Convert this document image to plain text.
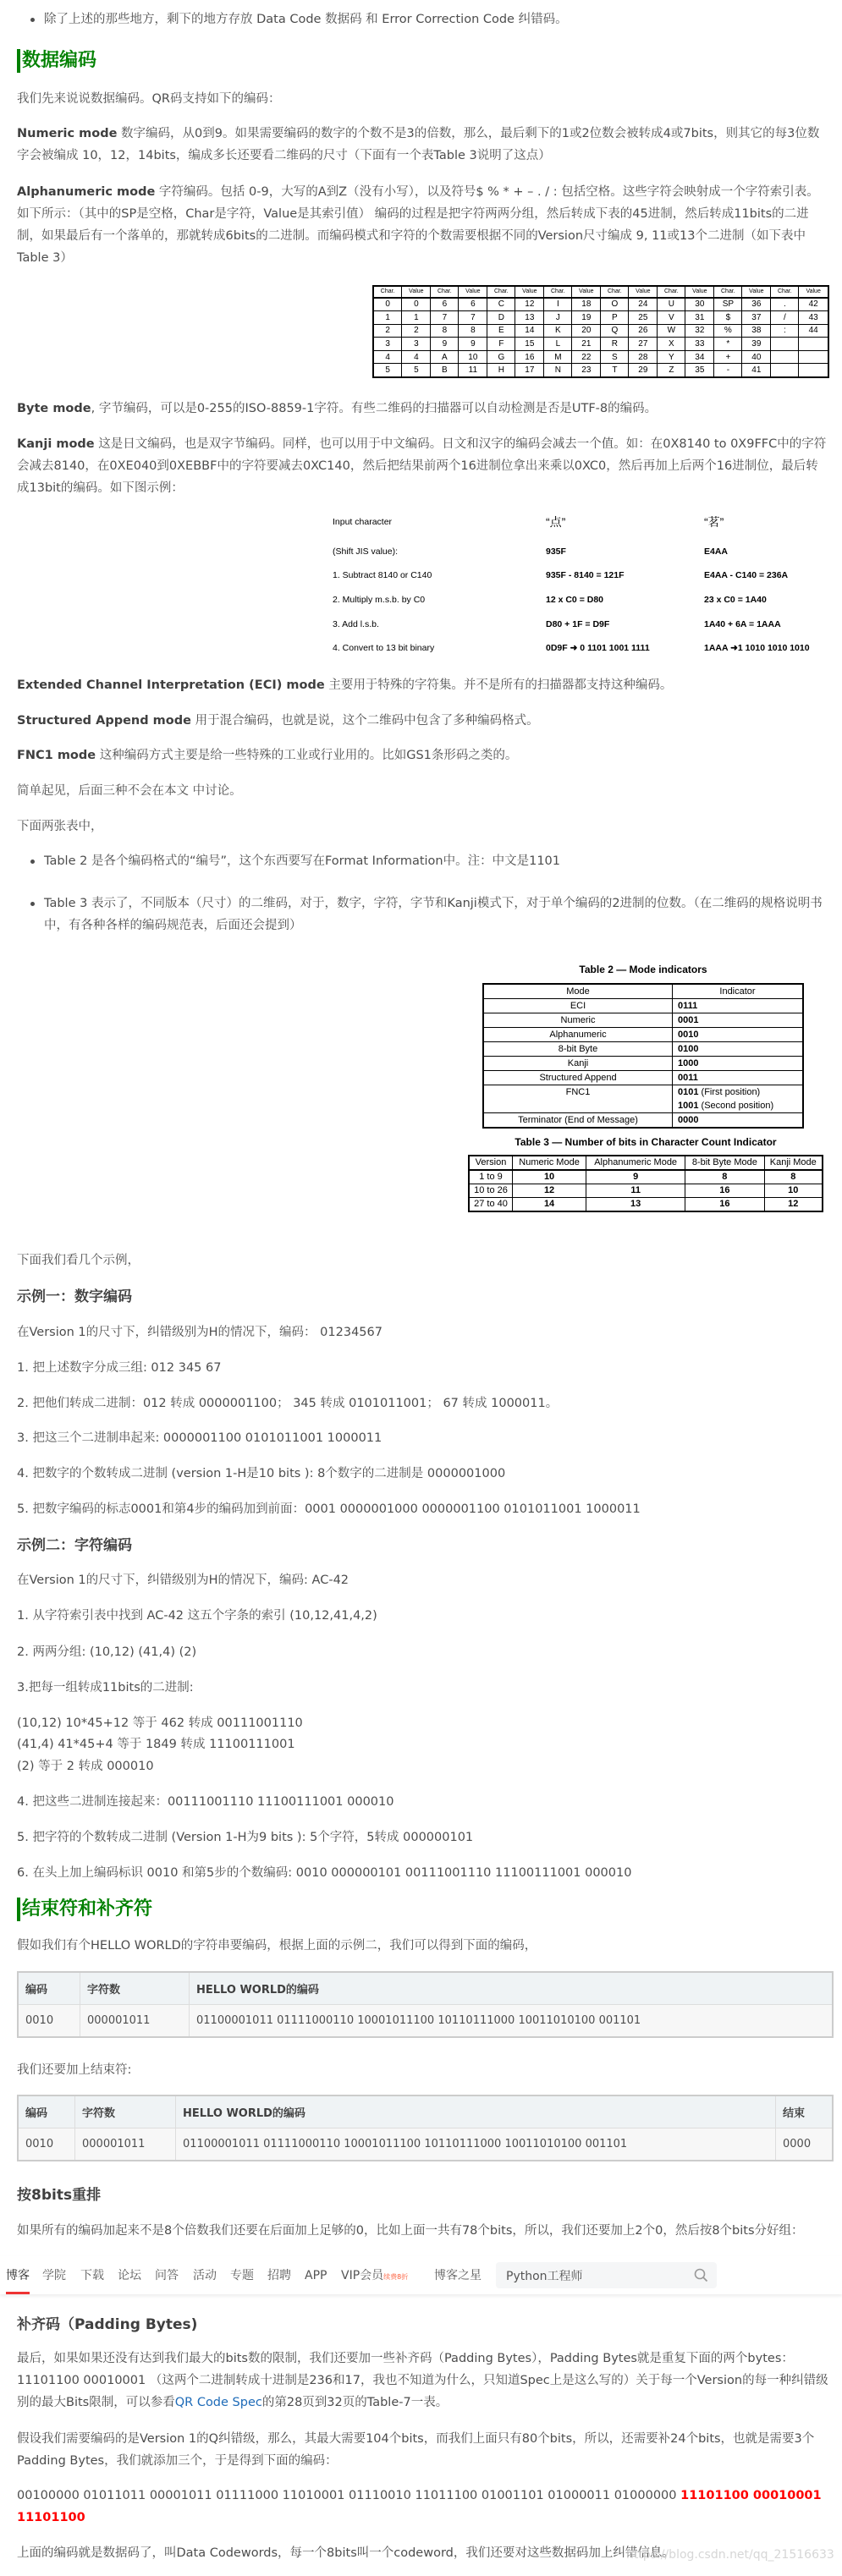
除了上述的那些地方，剩下的地方存放 Data Code 数据码 和 Error Correction Code 纠错码。
数据编码
我们先来说说数据编码。QR码支持如下的编码：
Numeric mode 数字编码，从0到9。如果需要编码的数字的个数不是3的倍数，那么，最后剩下的1或2位数会被转成4或7bits，则其它的每3位数字会被编成 10，12，14bits，编成多长还要看二维码的尺寸（下面有一个表Table 3说明了这点）
Alphanumeric mode 字符编码。包括 0-9，大写的A到Z（没有小写），以及符号$ % * + – . / : 包括空格。这些字符会映射成一个字符索引表。如下所示：（其中的SP是空格，Char是字符，Value是其索引值） 编码的过程是把字符两两分组，然后转成下表的45进制，然后转成11bits的二进制，如果最后有一个落单的，那就转成6bits的二进制。而编码模式和字符的个数需要根据不同的Version尺寸编成 9, 11或13个二进制（如下表中Table 3）
Char.	Value	Char.	Value	Char.	Value	Char.	Value	Char.	Value	Char.	Value	Char.	Value	Char.	Value
0	0	6	6	C	12	I	18	O	24	U	30	SP	36	.	42
1	1	7	7	D	13	J	19	P	25	V	31	$	37	/	43
2	2	8	8	E	14	K	20	Q	26	W	32	%	38	:	44
3	3	9	9	F	15	L	21	R	27	X	33	*	39		
4	4	A	10	G	16	M	22	S	28	Y	34	+	40		
5	5	B	11	H	17	N	23	T	29	Z	35	-	41		
Byte mode, 字节编码，可以是0-255的ISO-8859-1字符。有些二维码的扫描器可以自动检测是否是UTF-8的编码。
Kanji mode 这是日文编码，也是双字节编码。同样，也可以用于中文编码。日文和汉字的编码会减去一个值。如：在0X8140 to 0X9FFC中的字符会减去8140，在0XE040到0XEBBF中的字符要减去0XC140，然后把结果前两个16进制位拿出来乘以0XC0，然后再加上后两个16进制位，最后转成13bit的编码。如下图示例：
Input character	“点”	“茗”
(Shift JIS value):	935F	E4AA
1. Subtract 8140 or C140	935F - 8140 = 121F	E4AA - C140 = 236A
2. Multiply m.s.b. by C0	12 x C0 = D80	23 x C0 = 1A40
3. Add l.s.b.	D80 + 1F = D9F	1A40 + 6A = 1AAA
4. Convert to 13 bit binary	0D9F ➜ 0 1101 1001 1111	1AAA ➜1 1010 1010 1010
Extended Channel Interpretation (ECI) mode 主要用于特殊的字符集。并不是所有的扫描器都支持这种编码。
Structured Append mode 用于混合编码，也就是说，这个二维码中包含了多种编码格式。
FNC1 mode 这种编码方式主要是给一些特殊的工业或行业用的。比如GS1条形码之类的。
简单起见，后面三种不会在本文 中讨论。
下面两张表中，
Table 2 是各个编码格式的“编号”，这个东西要写在Format Information中。注：中文是1101
Table 3 表示了，不同版本（尺寸）的二维码，对于，数字，字符，字节和Kanji模式下，对于单个编码的2进制的位数。（在二维码的规格说明书中，有各种各样的编码规范表，后面还会提到）
Table 2 — Mode indicators
Mode	Indicator
ECI	0111
Numeric	0001
Alphanumeric	0010
8-bit Byte	0100
Kanji	1000
Structured Append	0011
FNC1	0101 (First position)
1001 (Second position)
Terminator (End of Message)	0000
Table 3 — Number of bits in Character Count Indicator
Version	Numeric Mode	Alphanumeric Mode	8-bit Byte Mode	Kanji Mode
1 to 9	10	9	8	8
10 to 26	12	11	16	10
27 to 40	14	13	16	12
下面我们看几个示例，
示例一：数字编码
在Version 1的尺寸下，纠错级别为H的情况下，编码： 01234567
1. 把上述数字分成三组: 012 345 67
2. 把他们转成二进制：012 转成 0000001100； 345 转成 0101011001； 67 转成 1000011。
3. 把这三个二进制串起来: 0000001100 0101011001 1000011
4. 把数字的个数转成二进制 (version 1-H是10 bits ): 8个数字的二进制是 0000001000
5. 把数字编码的标志0001和第4步的编码加到前面：0001 0000001000 0000001100 0101011001 1000011
示例二：字符编码
在Version 1的尺寸下，纠错级别为H的情况下，编码: AC-42
1. 从字符索引表中找到 AC-42 这五个字条的索引 (10,12,41,4,2)
2. 两两分组: (10,12) (41,4) (2)
3.把每一组转成11bits的二进制:
(10,12) 10*45+12 等于 462 转成 00111001110
(41,4) 41*45+4 等于 1849 转成 11100111001
(2) 等于 2 转成 000010
4. 把这些二进制连接起来：00111001110 11100111001 000010
5. 把字符的个数转成二进制 (Version 1-H为9 bits ): 5个字符，5转成 000000101
6. 在头上加上编码标识 0010 和第5步的个数编码: 0010 000000101 00111001110 11100111001 000010
结束符和补齐符
假如我们有个HELLO WORLD的字符串要编码，根据上面的示例二，我们可以得到下面的编码，
编码	字符数	HELLO WORLD的编码
0010	000001011	01100001011 01111000110 10001011100 10110111000 10011010100 001101
我们还要加上结束符:
编码	字符数	HELLO WORLD的编码	结束
0010	000001011	01100001011 01111000110 10001011100 10110111000 10011010100 001101	0000
按8bits重排
如果所有的编码加起来不是8个倍数我们还要在后面加上足够的0，比如上面一共有78个bits，所以，我们还要加上2个0，然后按8个bits分好组：
博客 学院 下载 论坛 问答 活动 专题 招聘 APP VIP会员续费8折 博客之星 Python工程师
补齐码（Padding Bytes)
最后，如果如果还没有达到我们最大的bits数的限制，我们还要加一些补齐码（Padding Bytes），Padding Bytes就是重复下面的两个bytes：11101100 00010001 （这两个二进制转成十进制是236和17，我也不知道为什么，只知道Spec上是这么写的）关于每一个Version的每一种纠错级别的最大Bits限制，可以参看QR Code Spec的第28页到32页的Table-7一表。
假设我们需要编码的是Version 1的Q纠错级，那么，其最大需要104个bits，而我们上面只有80个bits，所以，还需要补24个bits，也就是需要3个Padding Bytes，我们就添加三个，于是得到下面的编码：
00100000 01011011 00001011 01111000 11010001 01110010 11011100 01001101 01000011 01000000 11101100 00010001 11101100
上面的编码就是数据码了，叫Data Codewords，每一个8bits叫一个codeword，我们还要对这些数据码加上纠错信息。
https://blog.csdn.net/qq_21516633
